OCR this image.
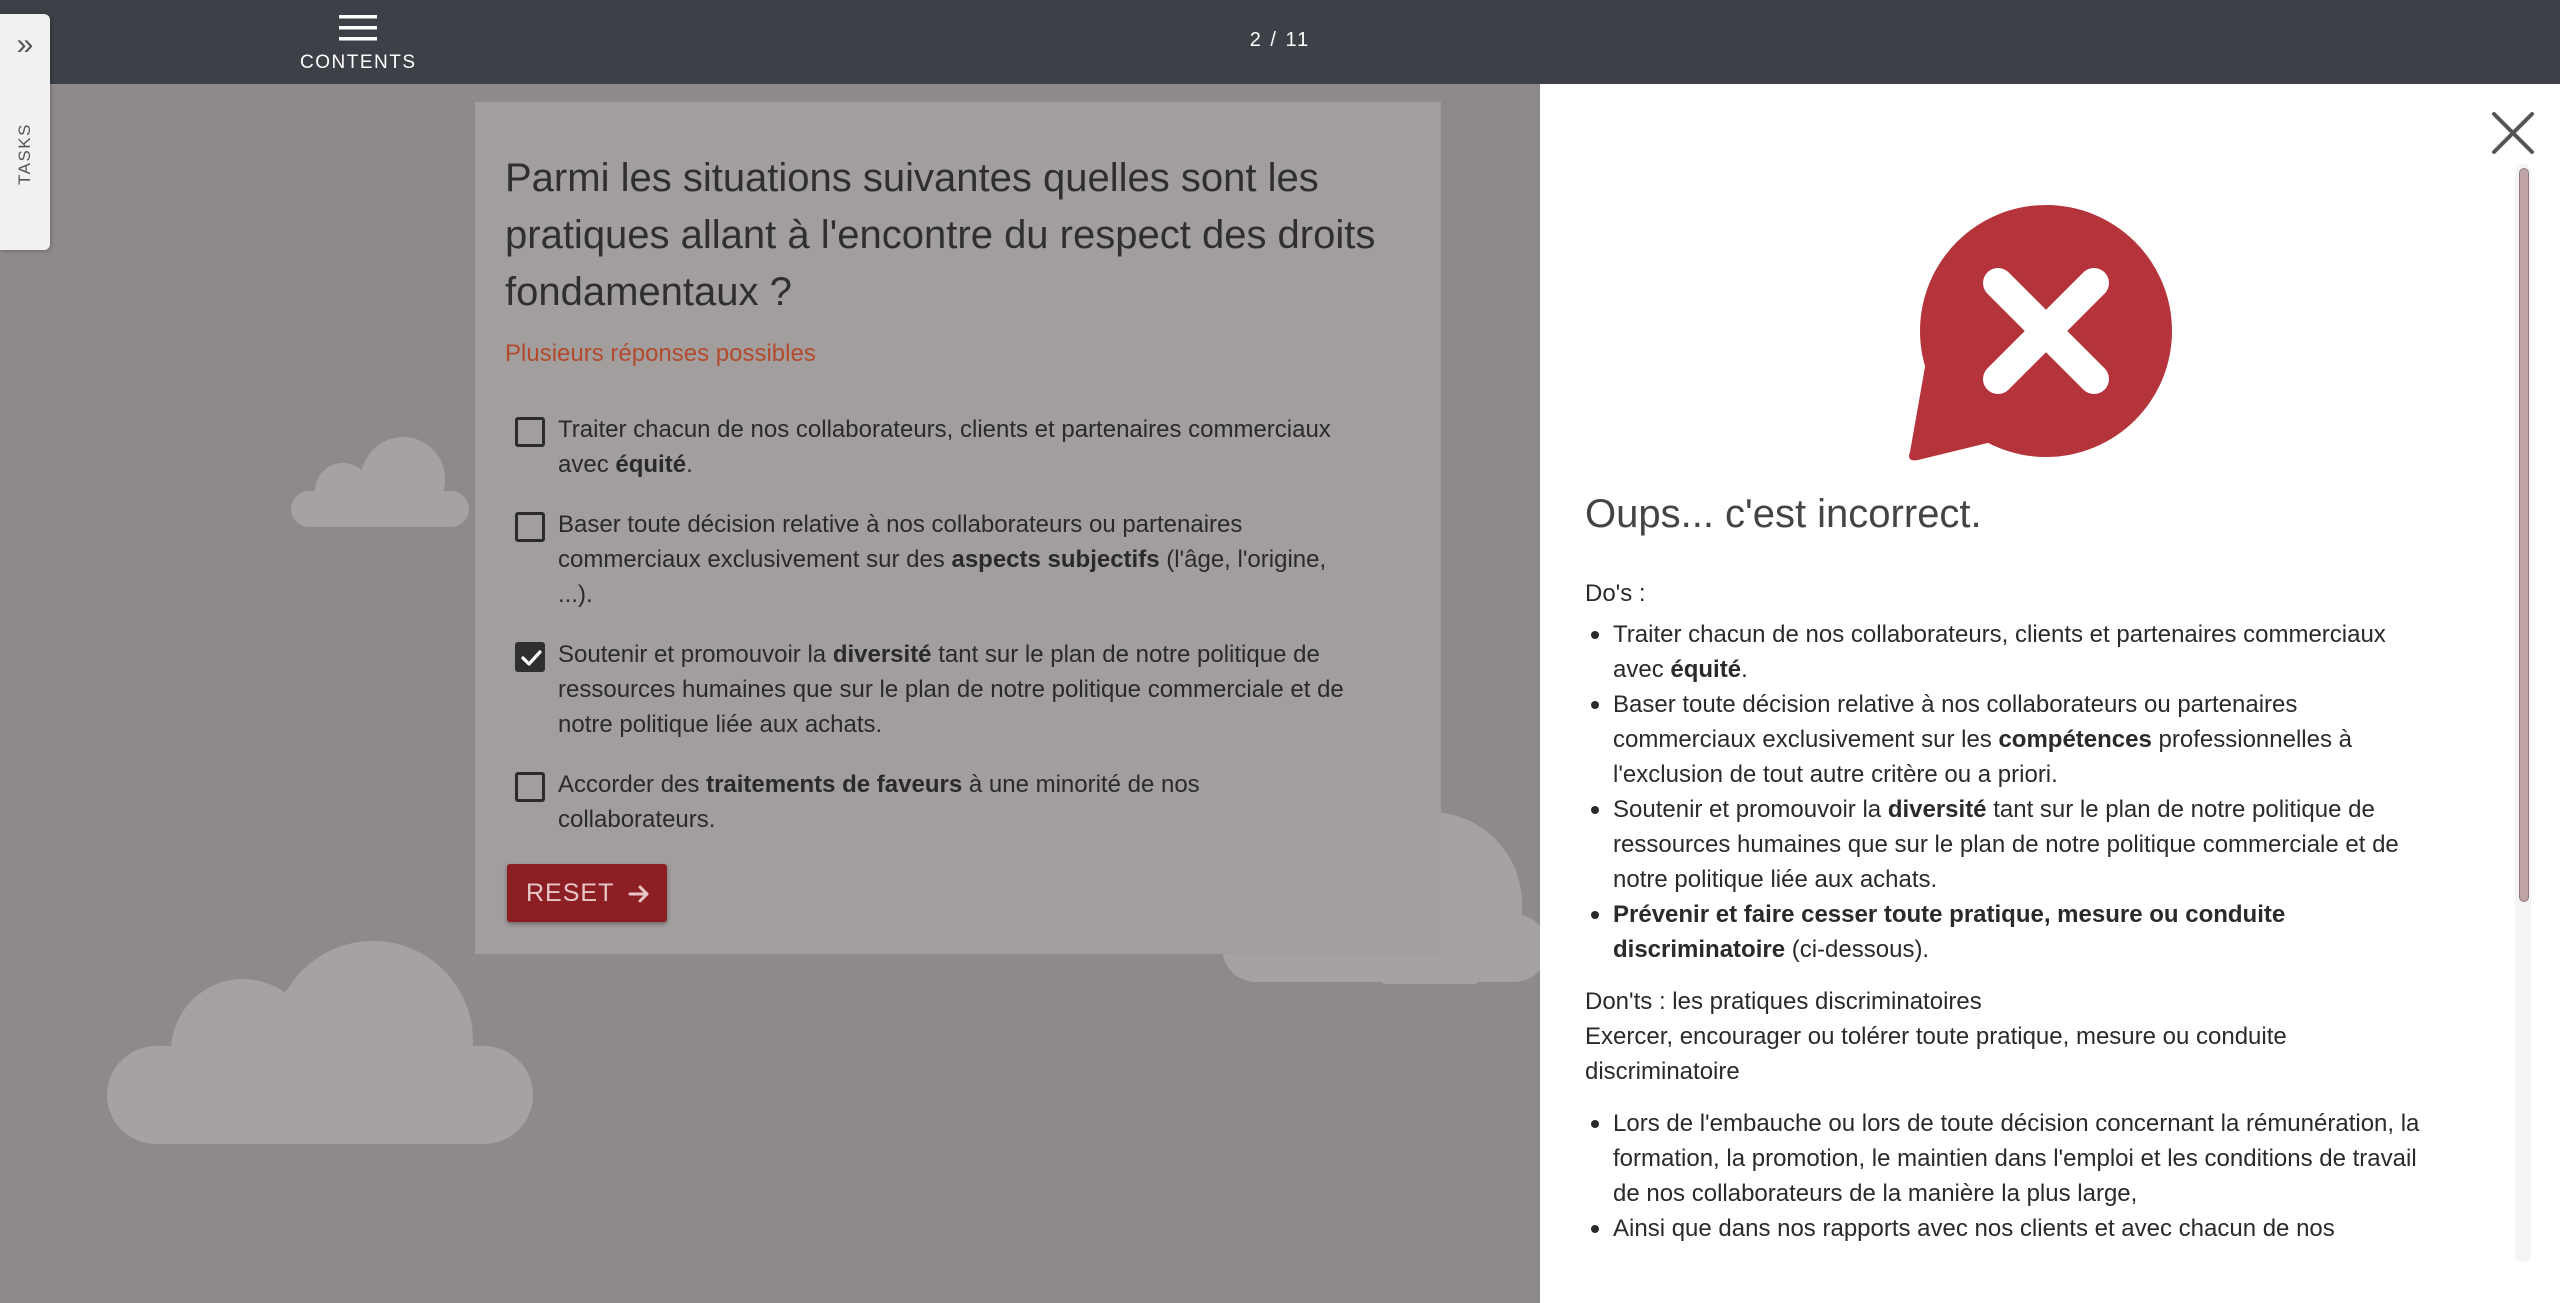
CONTENTS
2 / 11
»
TASKS	Parmi les situations suivantes quelles sont les pratiques allant à l'encontre du respect des droits fondamentaux ?
Plusieurs réponses possibles
Traiter chacun de nos collaborateurs, clients et partenaires commerciaux avec équité.
Baser toute décision relative à nos collaborateurs ou partenaires commerciaux exclusivement sur des aspects subjectifs (l'âge, l'origine, ...).
Soutenir et promouvoir la diversité tant sur le plan de notre politique de ressources humaines que sur le plan de notre politique commerciale et de notre politique liée aux achats.
Accorder des traitements de faveurs à une minorité de nos collaborateurs.
RESET
Oups... c'est incorrect.
Do's :
Traiter chacun de nos collaborateurs, clients et partenaires commerciaux avec équité.
Baser toute décision relative à nos collaborateurs ou partenaires commerciaux exclusivement sur les compétences professionnelles à l'exclusion de tout autre critère ou a priori.
Soutenir et promouvoir la diversité tant sur le plan de notre politique de ressources humaines que sur le plan de notre politique commerciale et de notre politique liée aux achats.
Prévenir et faire cesser toute pratique, mesure ou conduite discriminatoire (ci-dessous).
Don'ts : les pratiques discriminatoires
Exercer, encourager ou tolérer toute pratique, mesure ou conduite discriminatoire
Lors de l'embauche ou lors de toute décision concernant la rémunération, la formation, la promotion, le maintien dans l'emploi et les conditions de travail de nos collaborateurs de la manière la plus large,
Ainsi que dans nos rapports avec nos clients et avec chacun de nos
